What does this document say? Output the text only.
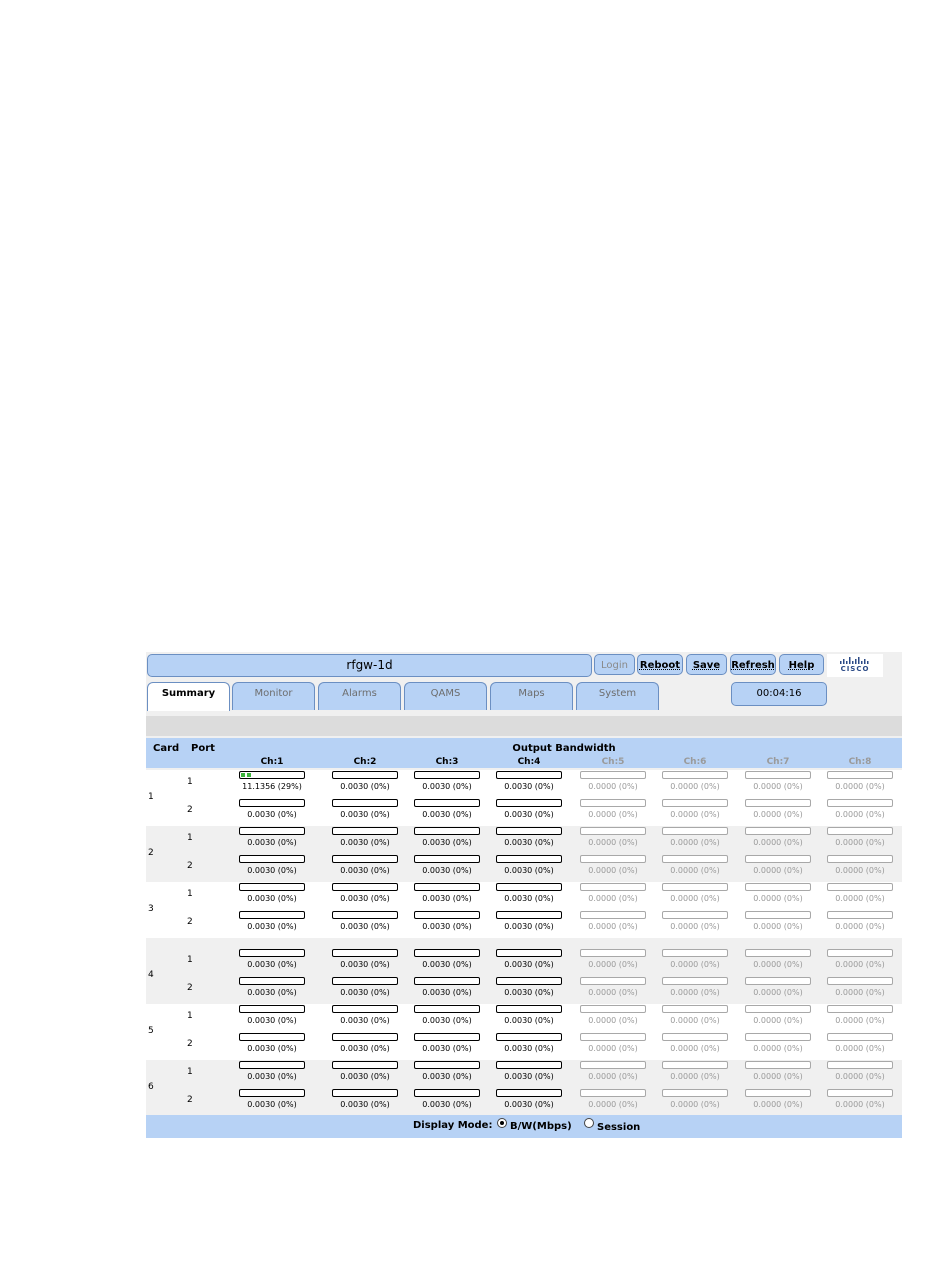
rfgw-1d	Login	Reboot	Save	Refresh	Help	CISCO
Summary	Monitor	Alarms	QAMS	Maps	System	00:04:16
Card Port	Output Bandwidth
Ch:1	Ch:2	Ch:3	Ch:4	Ch:5	Ch:6	Ch:7	Ch:8
1
1	11.1356 (29%)	0.0030 (0%)	0.0030 (0%)	0.0030 (0%)	0.0000 (0%)	0.0000 (0%)	0.0000 (0%)	0.0000 (0%)
2	0.0030 (0%)	0.0030 (0%)	0.0030 (0%)	0.0030 (0%)	0.0000 (0%)	0.0000 (0%)	0.0000 (0%)	0.0000 (0%)
2
1	0.0030 (0%)	0.0030 (0%)	0.0030 (0%)	0.0030 (0%)	0.0000 (0%)	0.0000 (0%)	0.0000 (0%)	0.0000 (0%)
2	0.0030 (0%)	0.0030 (0%)	0.0030 (0%)	0.0030 (0%)	0.0000 (0%)	0.0000 (0%)	0.0000 (0%)	0.0000 (0%)
3
1	0.0030 (0%)	0.0030 (0%)	0.0030 (0%)	0.0030 (0%)	0.0000 (0%)	0.0000 (0%)	0.0000 (0%)	0.0000 (0%)
2	0.0030 (0%)	0.0030 (0%)	0.0030 (0%)	0.0030 (0%)	0.0000 (0%)	0.0000 (0%)	0.0000 (0%)	0.0000 (0%)
4
1	0.0030 (0%)	0.0030 (0%)	0.0030 (0%)	0.0030 (0%)	0.0000 (0%)	0.0000 (0%)	0.0000 (0%)	0.0000 (0%)
2	0.0030 (0%)	0.0030 (0%)	0.0030 (0%)	0.0030 (0%)	0.0000 (0%)	0.0000 (0%)	0.0000 (0%)	0.0000 (0%)
5
1	0.0030 (0%)	0.0030 (0%)	0.0030 (0%)	0.0030 (0%)	0.0000 (0%)	0.0000 (0%)	0.0000 (0%)	0.0000 (0%)
2	0.0030 (0%)	0.0030 (0%)	0.0030 (0%)	0.0030 (0%)	0.0000 (0%)	0.0000 (0%)	0.0000 (0%)	0.0000 (0%)
6
1	0.0030 (0%)	0.0030 (0%)	0.0030 (0%)	0.0030 (0%)	0.0000 (0%)	0.0000 (0%)	0.0000 (0%)	0.0000 (0%)
2	0.0030 (0%)	0.0030 (0%)	0.0030 (0%)	0.0030 (0%)	0.0000 (0%)	0.0000 (0%)	0.0000 (0%)	0.0000 (0%)
Display Mode: B/W(Mbps)	Session
